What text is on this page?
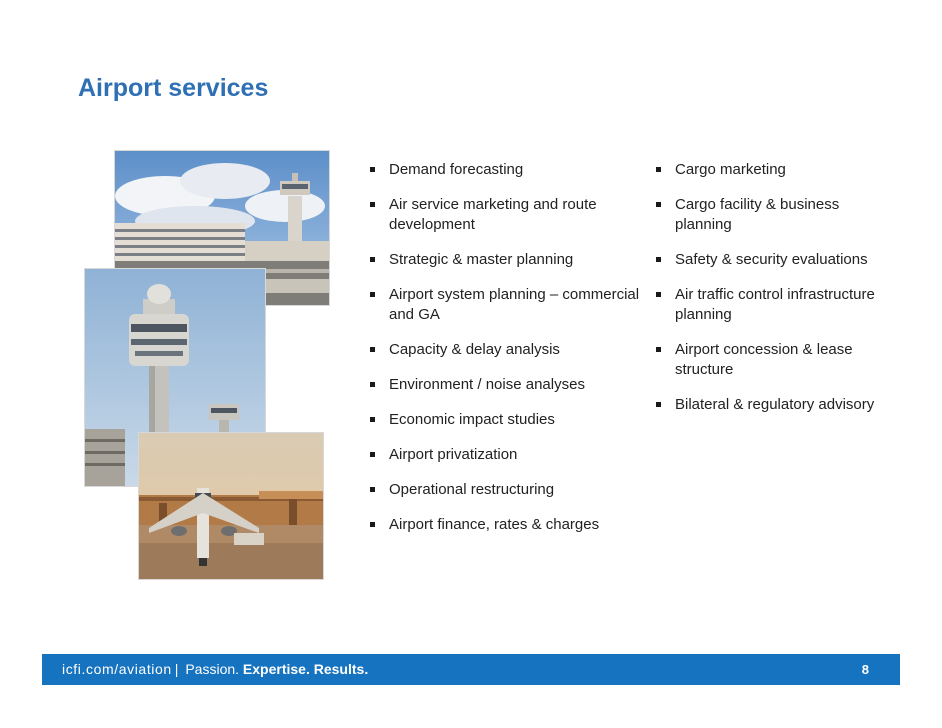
Airport services
Demand forecasting
Air service marketing and route development
Strategic & master planning
Airport system planning – commercial and GA
Capacity & delay analysis
Environment / noise analyses
Economic impact studies
Airport privatization
Operational restructuring
Airport finance, rates & charges
Cargo marketing
Cargo facility & business planning
Safety & security evaluations
Air traffic control infrastructure planning
Airport concession & lease structure
Bilateral & regulatory advisory
icfi.com/aviation | Passion. Expertise. Results.	8
